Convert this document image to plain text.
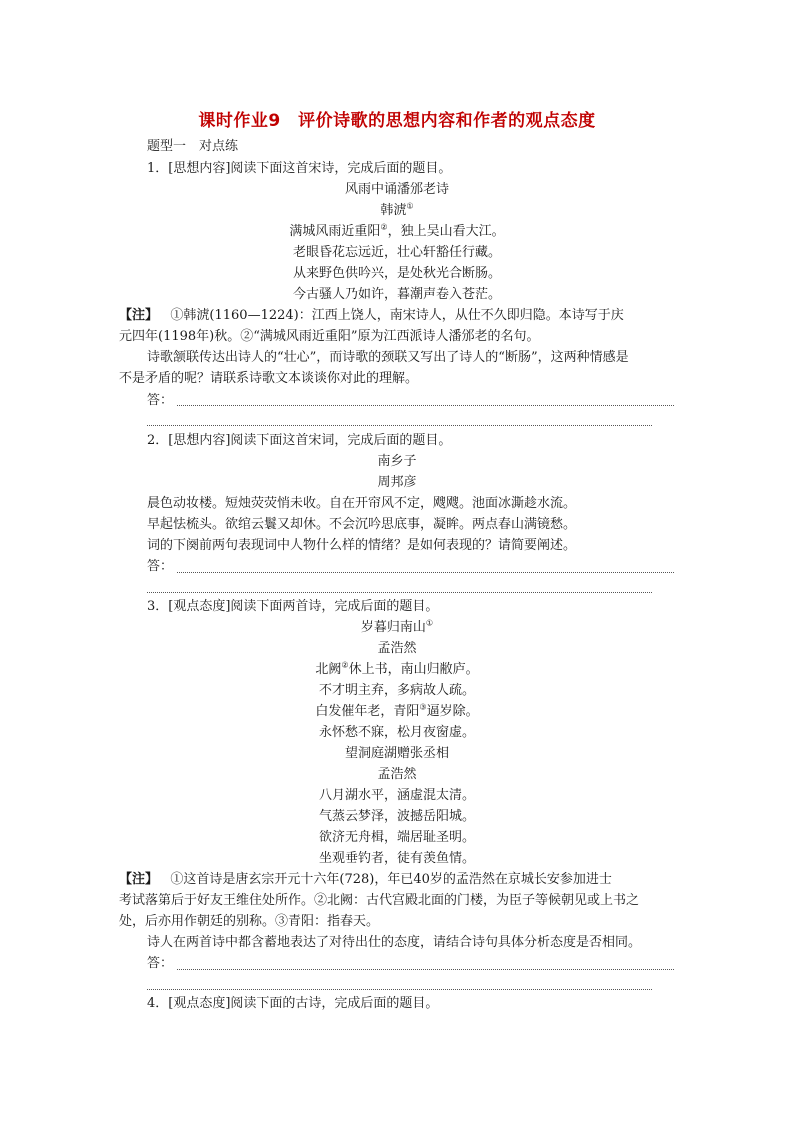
课时作业9　评价诗歌的思想内容和作者的观点态度
题型一　对点练
1．[思想内容]阅读下面这首宋诗，完成后面的题目。
风雨中诵潘邠老诗
韩淲①
满城风雨近重阳②，独上吴山看大江。
老眼昏花忘远近，壮心轩豁任行藏。
从来野色供吟兴，是处秋光合断肠。
今古骚人乃如许，暮潮声卷入苍茫。
【注】 ①韩淲(1160—1224)：江西上饶人，南宋诗人，从仕不久即归隐。本诗写于庆
元四年(1198年)秋。②“满城风雨近重阳”原为江西派诗人潘邠老的名句。
诗歌颔联传达出诗人的“壮心”，而诗歌的颈联又写出了诗人的“断肠”，这两种情感是
不是矛盾的呢？请联系诗歌文本谈谈你对此的理解。
答：
2．[思想内容]阅读下面这首宋词，完成后面的题目。
南乡子
周邦彦
晨色动妆楼。短烛荧荧悄未收。自在开帘风不定，飕飕。池面冰澌趁水流。
早起怯梳头。欲绾云鬟又却休。不会沉吟思底事，凝眸。两点春山满镜愁。
词的下阕前两句表现词中人物什么样的情绪？是如何表现的？请简要阐述。
答：
3．[观点态度]阅读下面两首诗，完成后面的题目。
岁暮归南山①
孟浩然
北阙②休上书，南山归敝庐。
不才明主弃，多病故人疏。
白发催年老，青阳③逼岁除。
永怀愁不寐，松月夜窗虚。
望洞庭湖赠张丞相
孟浩然
八月湖水平，涵虚混太清。
气蒸云梦泽，波撼岳阳城。
欲济无舟楫，端居耻圣明。
坐观垂钓者，徒有羡鱼情。
【注】 ①这首诗是唐玄宗开元十六年(728)，年已40岁的孟浩然在京城长安参加进士
考试落第后于好友王维住处所作。②北阙：古代宫殿北面的门楼，为臣子等候朝见或上书之
处，后亦用作朝廷的别称。③青阳：指春天。
诗人在两首诗中都含蓄地表达了对待出仕的态度，请结合诗句具体分析态度是否相同。
答：
4．[观点态度]阅读下面的古诗，完成后面的题目。
